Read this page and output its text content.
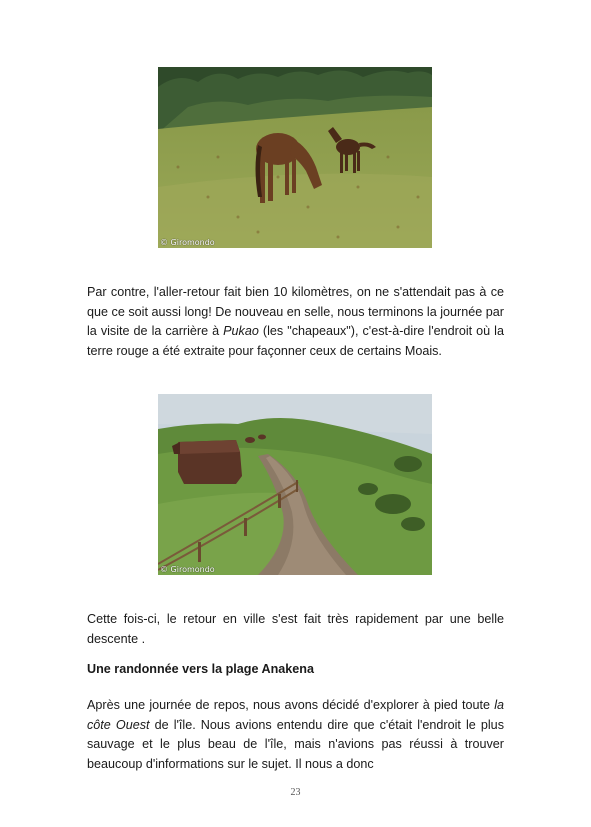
© Giromondo

Par contre, l'aller-retour fait bien 10 kilomètres, on ne s'attendait pas à ce que ce soit aussi long! De nouveau en selle, nous terminons la journée par la visite de la carrière à Pukao (les "chapeaux"), c'est-à-dire l'endroit où la terre rouge a été extraite pour façonner ceux de certains Moais.

© Giromondo

Cette fois-ci, le retour en ville s'est fait très rapidement par une belle descente .

Une randonnée vers la plage Anakena

Après une journée de repos, nous avons décidé d'explorer à pied toute la côte Ouest de l'île. Nous avions entendu dire que c'était l'endroit le plus sauvage et le plus beau de l'île, mais n'avions pas réussi à trouver beaucoup d'informations sur le sujet. Il nous a donc

23
